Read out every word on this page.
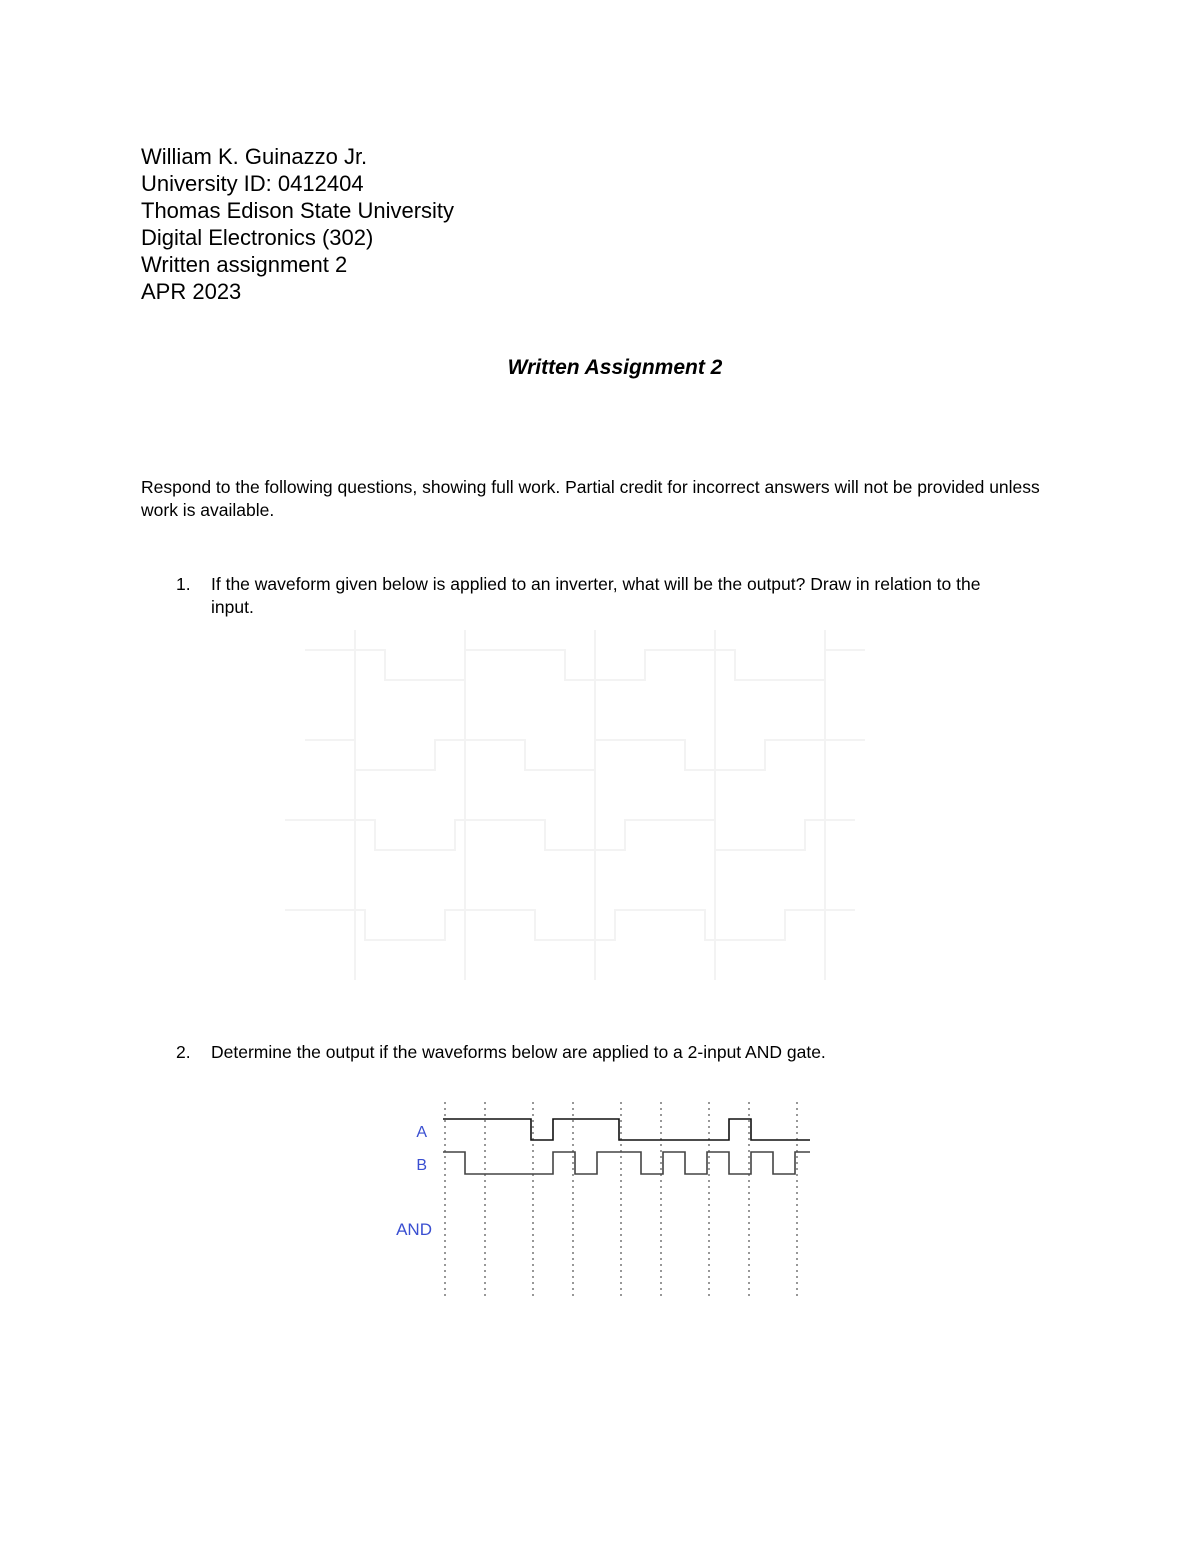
William K. Guinazzo Jr.
University ID: 0412404
Thomas Edison State University
Digital Electronics (302)
Written assignment 2
APR 2023
Written Assignment 2
Respond to the following questions, showing full work. Partial credit for incorrect answers will not be provided unless work is available.
1. If the waveform given below is applied to an inverter, what will be the output? Draw in relation to the input.
2. Determine the output if the waveforms below are applied to a 2-input AND gate.
A
B
AND
